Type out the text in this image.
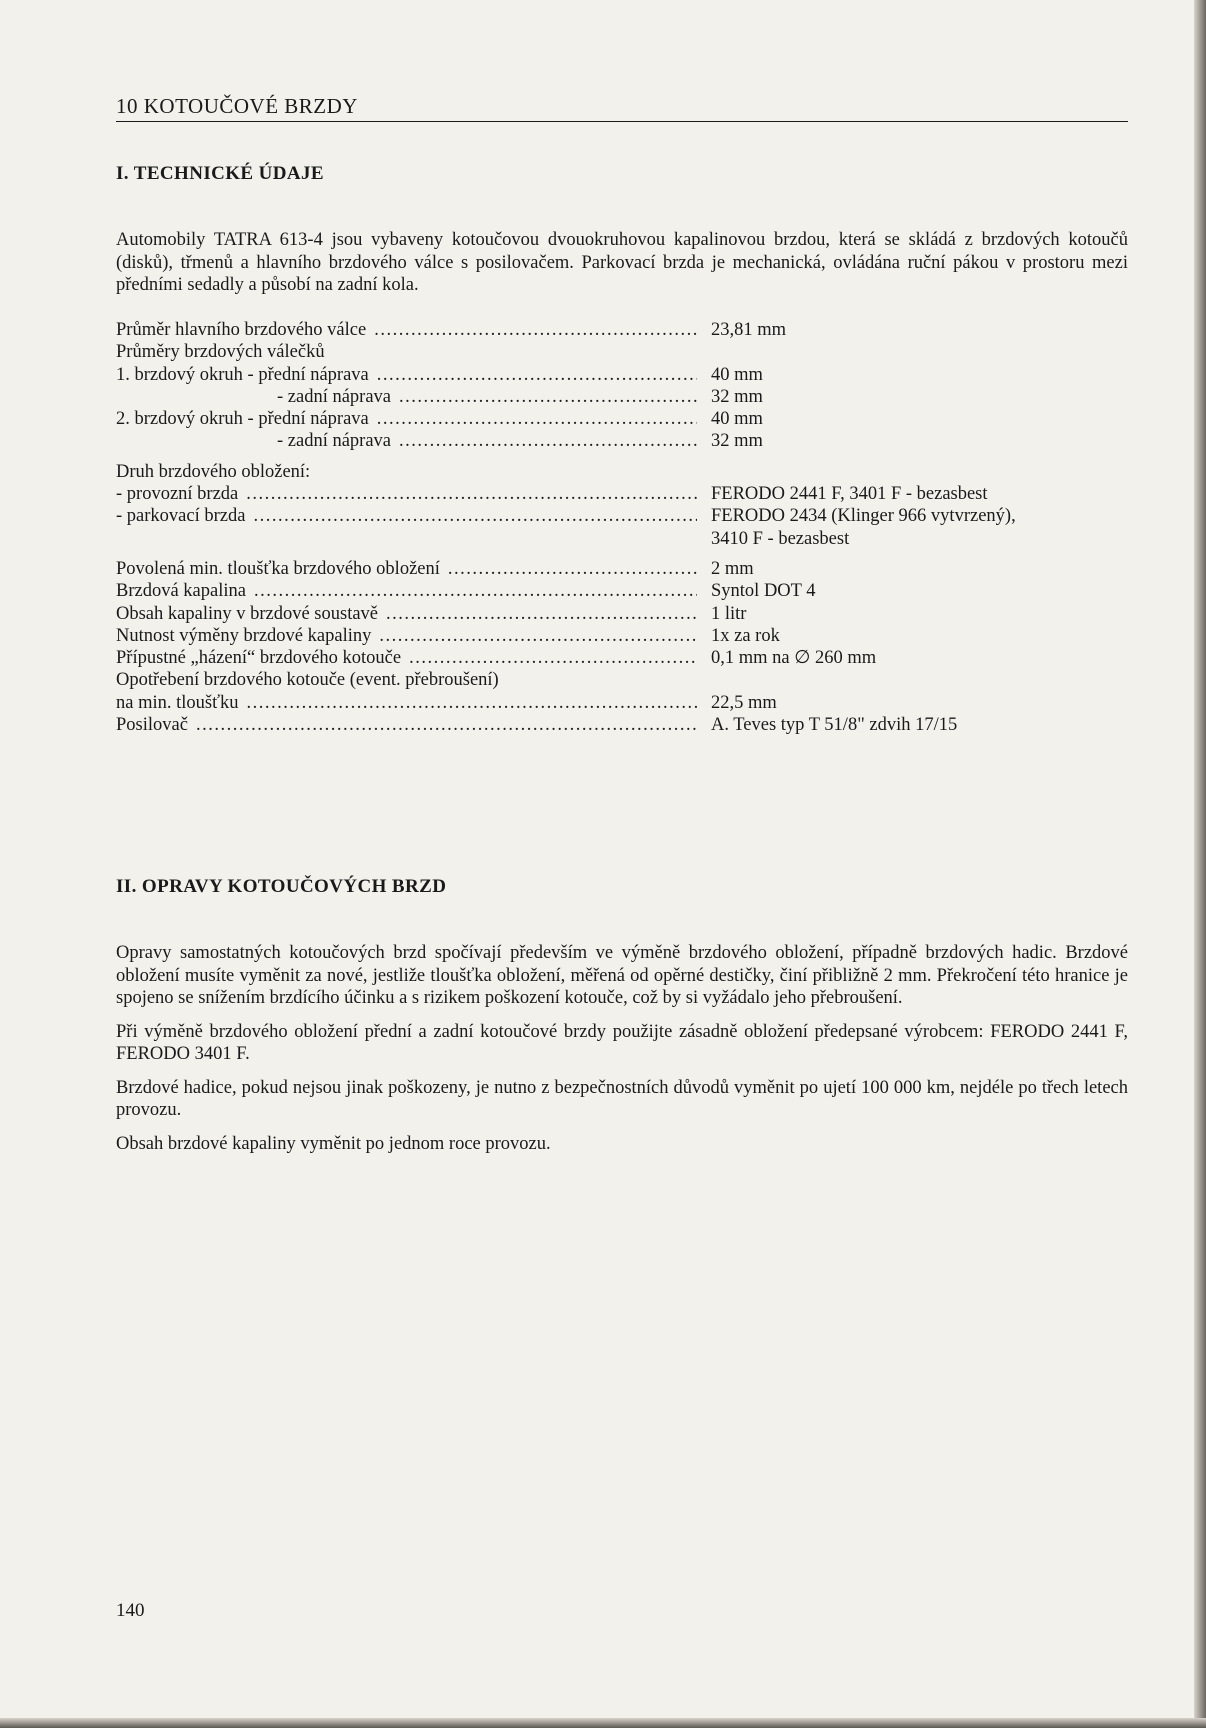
10 KOTOUČOVÉ BRZDY
I. TECHNICKÉ ÚDAJE

Automobily TATRA 613-4 jsou vybaveny kotoučovou dvouokruhovou kapalinovou brzdou, která se skládá z brzdových kotoučů (disků), třmenů a hlavního brzdového válce s posilovačem. Parkovací brzda je mechanická, ovládána ruční pákou v prostoru mezi předními sedadly a působí na zadní kola.

Průměr hlavního brzdového válce .....	23,81 mm
Průměry brzdových válečků
1. brzdový okruh - přední náprava .....	40 mm
- zadní náprava .....	32 mm
2. brzdový okruh - přední náprava .....	40 mm
- zadní náprava .....	32 mm
Druh brzdového obložení:
- provozní brzda .....	FERODO 2441 F, 3401 F - bezasbest
- parkovací brzda .....	FERODO 2434 (Klinger 966 vytvrzený),
3410 F - bezasbest
Povolená min. tloušťka brzdového obložení .....	2 mm
Brzdová kapalina .....	Syntol DOT 4
Obsah kapaliny v brzdové soustavě .....	1 litr
Nutnost výměny brzdové kapaliny .....	1x za rok
Přípustné „házení“ brzdového kotouče .....	0,1 mm na ∅ 260 mm
Opotřebení brzdového kotouče (event. přebroušení)
na min. tloušťku .....	22,5 mm
Posilovač .....	A. Teves typ T 51/8" zdvih 17/15
II. OPRAVY KOTOUČOVÝCH BRZD

Opravy samostatných kotoučových brzd spočívají především ve výměně brzdového obložení, případně brzdových hadic. Brzdové obložení musíte vyměnit za nové, jestliže tloušťka obložení, měřená od opěrné destičky, činí přibližně 2 mm. Překročení této hranice je spojeno se snížením brzdícího účinku a s rizikem poškození kotouče, což by si vyžádalo jeho přebroušení.

Při výměně brzdového obložení přední a zadní kotoučové brzdy použijte zásadně obložení předepsané výrobcem: FERODO 2441 F, FERODO 3401 F.

Brzdové hadice, pokud nejsou jinak poškozeny, je nutno z bezpečnostních důvodů vyměnit po ujetí 100 000 km, nejdéle po třech letech provozu.

Obsah brzdové kapaliny vyměnit po jednom roce provozu.

140
